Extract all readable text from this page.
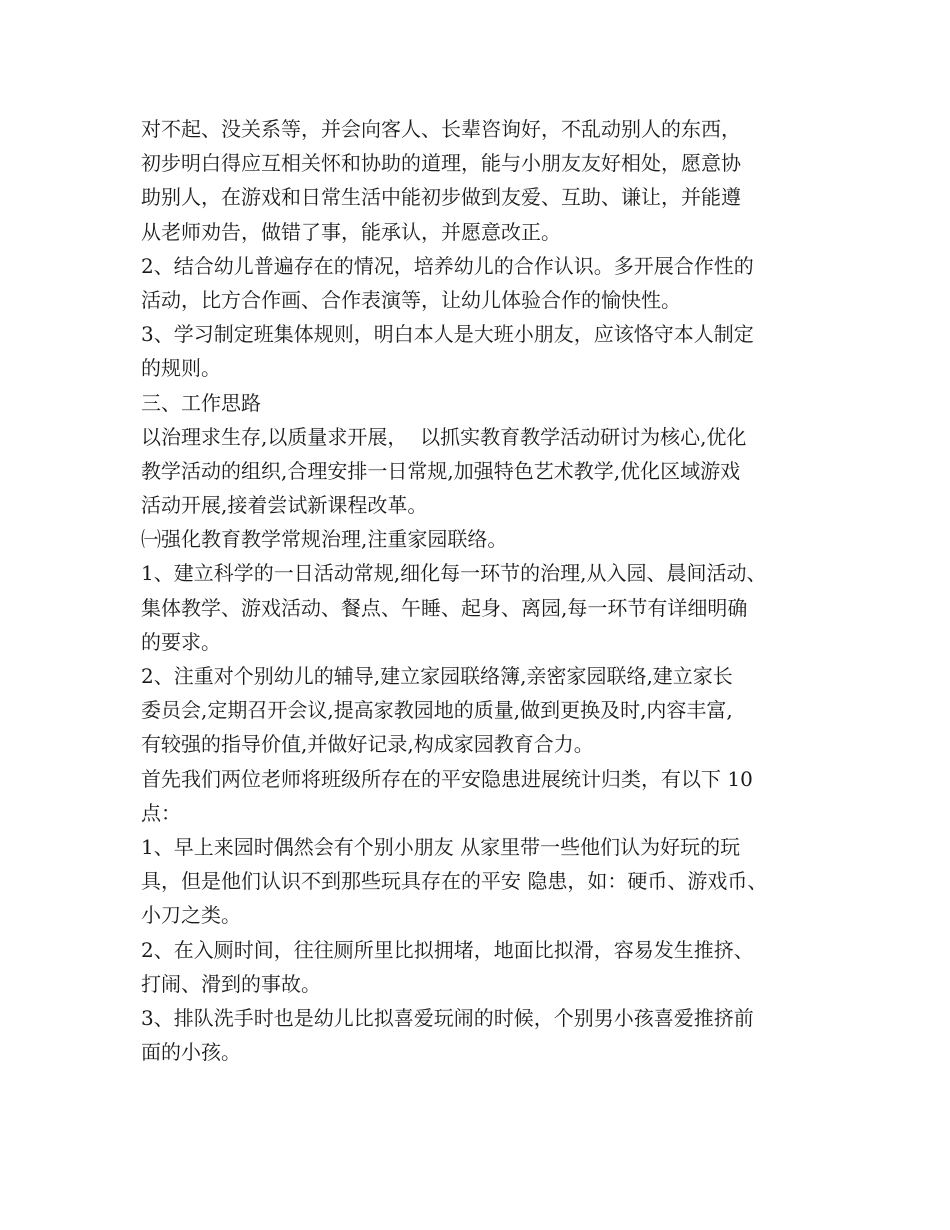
对不起、没关系等，并会向客人、长辈咨询好，不乱动别人的东西，
初步明白得应互相关怀和协助的道理，能与小朋友友好相处，愿意协
助别人，在游戏和日常生活中能初步做到友爱、互助、谦让，并能遵
从老师劝告，做错了事，能承认，并愿意改正。
2、结合幼儿普遍存在的情况，培养幼儿的合作认识。多开展合作性的
活动，比方合作画、合作表演等，让幼儿体验合作的愉快性。
3、学习制定班集体规则，明白本人是大班小朋友，应该恪守本人制定
的规则。
三、工作思路
以治理求生存,以质量求开展，  以抓实教育教学活动研讨为核心,优化
教学活动的组织,合理安排一日常规,加强特色艺术教学,优化区域游戏
活动开展,接着尝试新课程改革。
㈠强化教育教学常规治理,注重家园联络。
1、建立科学的一日活动常规,细化每一环节的治理,从入园、晨间活动、
集体教学、游戏活动、餐点、午睡、起身、离园,每一环节有详细明确
的要求。
2、注重对个别幼儿的辅导,建立家园联络簿,亲密家园联络,建立家长
委员会,定期召开会议,提高家教园地的质量,做到更换及时,内容丰富,
有较强的指导价值,并做好记录,构成家园教育合力。
首先我们两位老师将班级所存在的平安隐患进展统计归类，有以下 10
点：
1、早上来园时偶然会有个别小朋友 从家里带一些他们认为好玩的玩
具，但是他们认识不到那些玩具存在的平安 隐患，如：硬币、游戏币、
小刀之类。
2、在入厕时间，往往厕所里比拟拥堵，地面比拟滑，容易发生推挤、
打闹、滑到的事故。
3、排队洗手时也是幼儿比拟喜爱玩闹的时候，个别男小孩喜爱推挤前
面的小孩。
